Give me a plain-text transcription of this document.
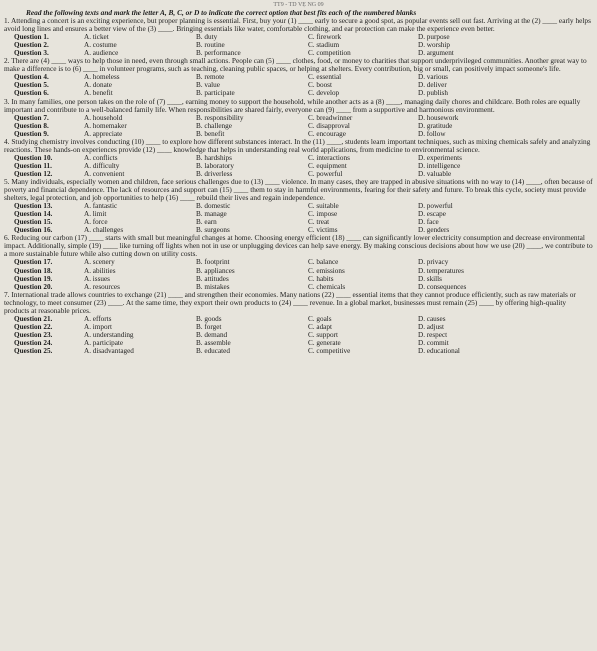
TT9 - TD VỆ NG 09
Read the following texts and mark the letter A, B, C, or D to indicate the correct option that best fits each of the numbered blanks

1. Attending a concert is an exciting experience, but proper planning is essential. First, buy your (1) ____ early to secure a good spot, as popular events sell out fast. Arriving at the (2) ____ early helps avoid long lines and ensures a better view of the (3) ____. Bringing essentials like water, comfortable clothing, and ear protection can make the experience even better.

Question 1.	A. ticket	B. duty	C. firework	D. purpose
Question 2.	A. costume	B. routine	C. stadium	D. worship
Question 3.	A. audience	B. performance	C. competition	D. argument

2. There are (4) ____ ways to help those in need, even through small actions. People can (5) ____ clothes, food, or money to charities that support underprivileged communities. Another great way to make a difference is to (6) ____ in volunteer programs, such as teaching, cleaning public spaces, or helping at shelters. Every contribution, big or small, can positively impact someone's life.

Question 4.	A. homeless	B. remote	C. essential	D. various
Question 5.	A. donate	B. value	C. boost	D. deliver
Question 6.	A. benefit	B. participate	C. develop	D. publish

3. In many families, one person takes on the role of (7) ____, earning money to support the household, while another acts as a (8) ____, managing daily chores and childcare. Both roles are equally important and contribute to a well-balanced family life. When responsibilities are shared fairly, everyone can (9) ____ from a supportive and harmonious environment.

Question 7.	A. household	B. responsibility	C. breadwinner	D. housework
Question 8.	A. homemaker	B. challenge	C. disapproval	D. gratitude
Question 9.	A. appreciate	B. benefit	C. encourage	D. follow

4. Studying chemistry involves conducting (10) ____ to explore how different substances interact. In the (11) ____, students learn important techniques, such as mixing chemicals safely and analyzing reactions. These hands-on experiences provide (12) ____ knowledge that helps in understanding real world applications, from medicine to environmental science.

Question 10.	A. conflicts	B. hardships	C. interactions	D. experiments
Question 11.	A. difficulty	B. laboratory	C. equipment	D. intelligence
Question 12.	A. convenient	B. driverless	C. powerful	D. valuable

5. Many individuals, especially women and children, face serious challenges due to (13) ____ violence. In many cases, they are trapped in abusive situations with no way to (14) ____, often because of poverty and financial dependence. The lack of resources and support can (15) ____ them to stay in harmful environments, fearing for their safety and future. To break this cycle, society must provide shelters, legal protection, and job opportunities to help (16) ____ rebuild their lives and regain independence.

Question 13.	A. fantastic	B. domestic	C. suitable	D. powerful
Question 14.	A. limit	B. manage	C. impose	D. escape
Question 15.	A. force	B. earn	C. treat	D. face
Question 16.	A. challenges	B. surgeons	C. victims	D. genders

6. Reducing our carbon (17) ____ starts with small but meaningful changes at home. Choosing energy efficient (18) ____ can significantly lower electricity consumption and decrease environmental impact. Additionally, simple (19) ____ like turning off lights when not in use or unplugging devices can help save energy. By making conscious decisions about how we use (20) ____, we contribute to a more sustainable future while also cutting down on utility costs.

Question 17.	A. scenery	B. footprint	C. balance	D. privacy
Question 18.	A. abilities	B. appliances	C. emissions	D. temperatures
Question 19.	A. issues	B. attitudes	C. habits	D. skills
Question 20.	A. resources	B. mistakes	C. chemicals	D. consequences

7. International trade allows countries to exchange (21) ____ and strengthen their economies. Many nations (22) ____ essential items that they cannot produce efficiently, such as raw materials or technology, to meet consumer (23) ____. At the same time, they export their own products to (24) ____ revenue. In a global market, businesses must remain (25) ____ by offering high-quality products at reasonable prices.

Question 21.	A. efforts	B. goods	C. goals	D. causes
Question 22.	A. import	B. forget	C. adapt	D. adjust
Question 23.	A. understanding	B. demand	C. support	D. respect
Question 24.	A. participate	B. assemble	C. generate	D. commit
Question 25.	A. disadvantaged	B. educated	C. competitive	D. educational
